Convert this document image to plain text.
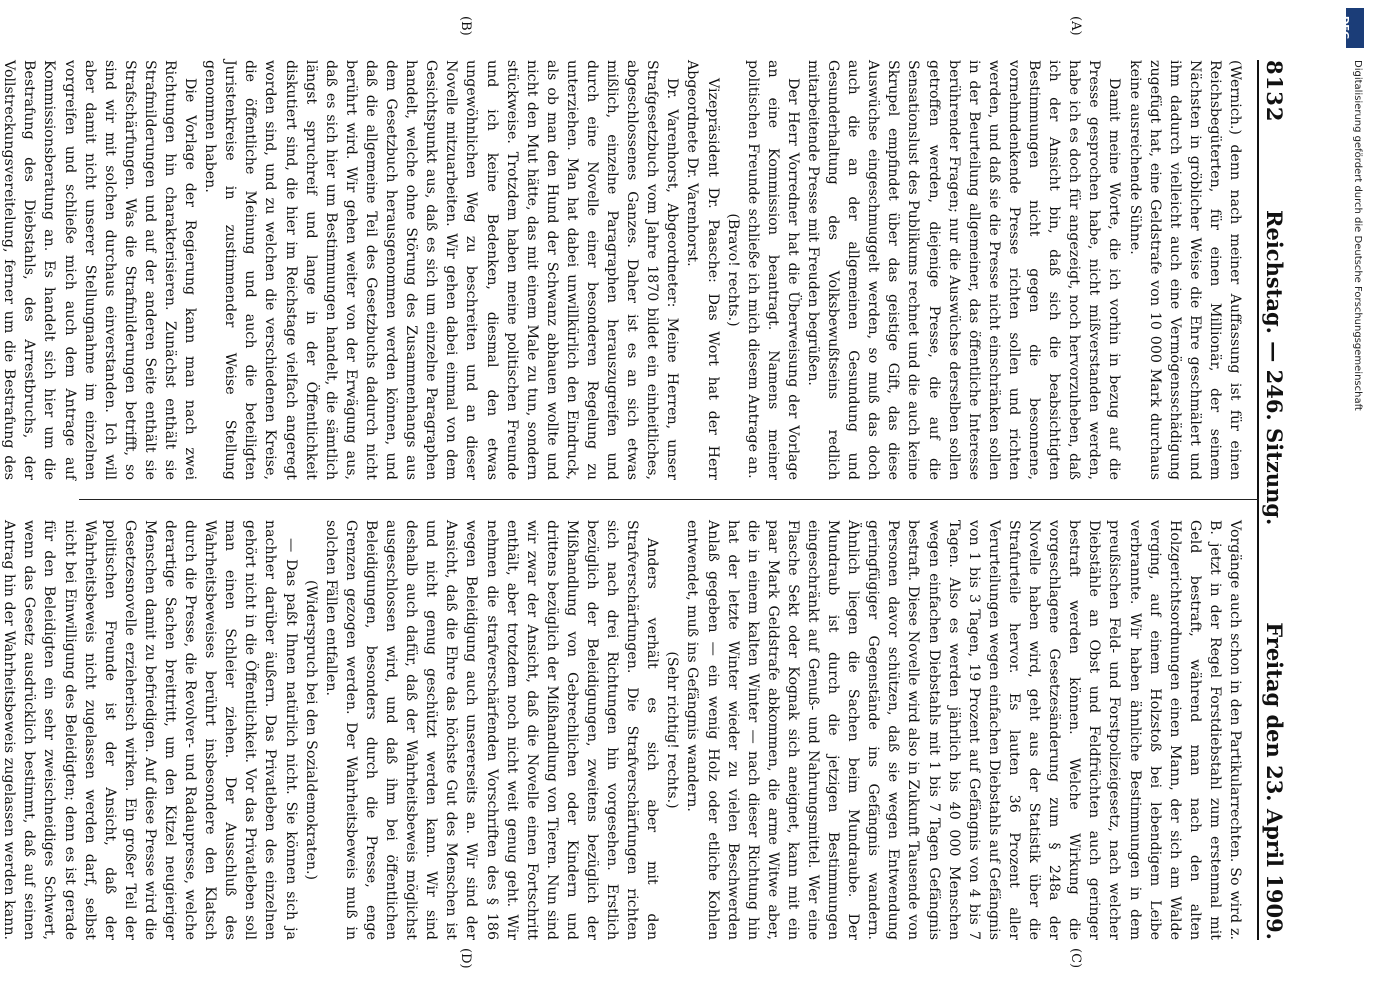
8132
Reichstag. — 246. Sitzung.
Freitag den 23. April 1909.
(A)
(B)
(C)
(D)

(Wernich.) denn nach meiner Auffassung ist für einen Reichsbegüterten, für einen Millionär, der seinem Nächsten in gröblicher Weise die Ehre geschmälert und ihm dadurch vielleicht auch eine Vermögensschädigung zugefügt hat, eine Geldstrafe von 10 000 Mark durchaus keine ausreichende Sühne.

Damit meine Worte, die ich vorhin in bezug auf die Presse gesprochen habe, nicht mißverstanden werden, habe ich es doch für angezeigt, noch hervorzuheben, daß ich der Ansicht bin, daß sich die beabsichtigten Bestimmungen nicht gegen die besonnene, vornehmdenkende Presse richten sollen und richten werden, und daß sie die Presse nicht einschränken sollen in der Beurteilung allgemeiner, das öffentliche Interesse berührender Fragen; nur die Auswüchse derselben sollen getroffen werden, diejenige Presse, die auf die Sensationslust des Publikums rechnet und die auch keine Skrupel empfindet über das geistige Gift, das diese Auswüchse eingeschmuggelt werden, so muß das doch auch die an der allgemeinen Gesundung und Gesunderhaltung des Volksbewußtseins redlich mitarbeitende Presse mit Freuden begrüßen.

Der Herr Vorredner hat die Überweisung der Vorlage an eine Kommission beantragt. Namens meiner politischen Freunde schließe ich mich diesem Antrage an.

(Bravo! rechts.)

Vizepräsident Dr. Paasche: Das Wort hat der Herr Abgeordnete Dr. Varenhorst.

Dr. Varenhorst, Abgeordneter: Meine Herren, unser Strafgesetzbuch vom Jahre 1870 bildet ein einheitliches, abgeschlossenes Ganzes. Daher ist es an sich etwas mißlich, einzelne Paragraphen herauszugreifen und durch eine Novelle einer besonderen Regelung zu unterziehen. Man hat dabei unwillkürlich den Eindruck, als ob man den Hund der Schwanz abhauen wollte und nicht den Mut hätte, das mit einem Male zu tun, sondern stückweise. Trotzdem haben meine politischen Freunde und ich keine Bedenken, diesmal den etwas ungewöhnlichen Weg zu beschreiten und an dieser Novelle mitzuarbeiten. Wir gehen dabei einmal von dem Gesichtspunkt aus, daß es sich um einzelne Paragraphen handelt, welche ohne Störung des Zusammenhangs aus dem Gesetzbuch herausgenommen werden können, und daß die allgemeine Teil des Gesetzbuchs dadurch nicht berührt wird. Wir gehen weiter von der Erwägung aus, daß es sich hier um Bestimmungen handelt, die sämtlich längst spruchreif und lange in der Öffentlichkeit diskutiert sind, die hier im Reichstage vielfach angeregt worden sind, und zu welchen die verschiedenen Kreise, die öffentliche Meinung und auch die beteiligten Juristenkreise in zustimmender Weise Stellung genommen haben.

Die Vorlage der Regierung kann man nach zwei Richtungen hin charakterisieren. Zunächst enthält sie Strafmilderungen und auf der anderen Seite enthält sie Strafschärfungen. Was die Strafmilderungen betrifft, so sind wir mit solchen durchaus einverstanden. Ich will aber damit nicht unserer Stellungnahme im einzelnen vorgreifen und schließe mich auch dem Antrage auf Kommissionsberatung an. Es handelt sich hier um die Bestrafung des Diebstahls, des Arrestbruchs, der Vollstreckungsvereitelung, ferner um die Bestrafung des

Vorgänge auch schon in den Partikularrechten. So wird z. B. jetzt in der Regel Forstdiebstahl zum erstenmal mit Geld bestraft, während man nach den alten Holzgerichtsordnungen einen Mann, der sich am Walde verging, auf einem Holzstoß bei lebendigem Leibe verbrannte. Wir haben ähnliche Bestimmungen in dem preußischen Feld- und Forstpolizeigesetz, nach welcher Diebstähle an Obst und Feldfrüchten auch geringer bestraft werden können. Welche Wirkung die vorgeschlagene Gesetzesänderung zum § 248a der Novelle haben wird, geht aus der Statistik über die Strafurteile hervor. Es lauten 36 Prozent aller Verurteilungen wegen einfachen Diebstahls auf Gefängnis von 1 bis 3 Tagen, 19 Prozent auf Gefängnis von 4 bis 7 Tagen. Also es werden jährlich bis 40 000 Menschen wegen einfachen Diebstahls mit 1 bis 7 Tagen Gefängnis bestraft. Diese Novelle wird also in Zukunft Tausende von Personen davor schützen, daß sie wegen Entwendung geringfügiger Gegenstände ins Gefängnis wandern. Ähnlich liegen die Sachen beim Mundraube. Der Mundraub ist durch die jetzigen Bestimmungen eingeschränkt auf Genuß- und Nahrungsmittel. Wer eine Flasche Sekt oder Kognak sich aneignet, kann mit ein paar Mark Geldstrafe abkommen, die arme Witwe aber, die in einem kalten Winter — nach dieser Richtung hin hat der letzte Winter wieder zu vielen Beschwerden Anlaß gegeben — ein wenig Holz oder etliche Kohlen entwendet, muß ins Gefängnis wandern.

(Sehr richtig! rechts.)

Anders verhält es sich aber mit den Strafverschärfungen. Die Strafverschärfungen richten sich nach drei Richtungen hin vorgesehen. Erstlich bezüglich der Beleidigungen, zweitens bezüglich der Mißhandlung von Gebrechlichen oder Kindern und drittens bezüglich der Mißhandlung von Tieren. Nun sind wir zwar der Ansicht, daß die Novelle einen Fortschritt enthält, aber trotzdem noch nicht weit genug geht. Wir nehmen die strafverschärfenden Vorschriften des § 186 wegen Beleidigung auch unsererseits an. Wir sind der Ansicht, daß die Ehre das höchste Gut des Menschen ist und nicht genug geschützt werden kann. Wir sind deshalb auch dafür, daß der Wahrheitsbeweis möglichst ausgeschlossen wird, und daß ihm bei öffentlichen Beleidigungen, besonders durch die Presse, enge Grenzen gezogen werden. Der Wahrheitsbeweis muß in solchen Fällen entfallen.

(Widerspruch bei den Sozialdemokraten.)

— Das paßt Ihnen natürlich nicht. Sie können sich ja nachher darüber äußern. Das Privatleben des einzelnen gehört nicht in die Öffentlichkeit. Vor das Privatleben soll man einen Schleier ziehen. Der Ausschluß des Wahrheitsbeweises berührt insbesondere den Klatsch durch die Presse, die Revolver- und Radaupresse, welche derartige Sachen breittritt, um den Kitzel neugieriger Menschen damit zu befriedigen. Auf diese Presse wird die Gesetzesnovelle erzieherisch wirken. Ein großer Teil der politischen Freunde ist der Ansicht, daß der Wahrheitsbeweis nicht zugelassen werden darf, selbst nicht bei Einwilligung des Beleidigten; denn es ist gerade für den Beleidigten ein sehr zweischneidiges Schwert, wenn das Gesetz ausdrücklich bestimmt, daß auf seinen Antrag hin der Wahrheitsbeweis zugelassen werden kann.

DFG
Digitalisierung gefördert durch die Deutsche Forschungsgemeinschaft
